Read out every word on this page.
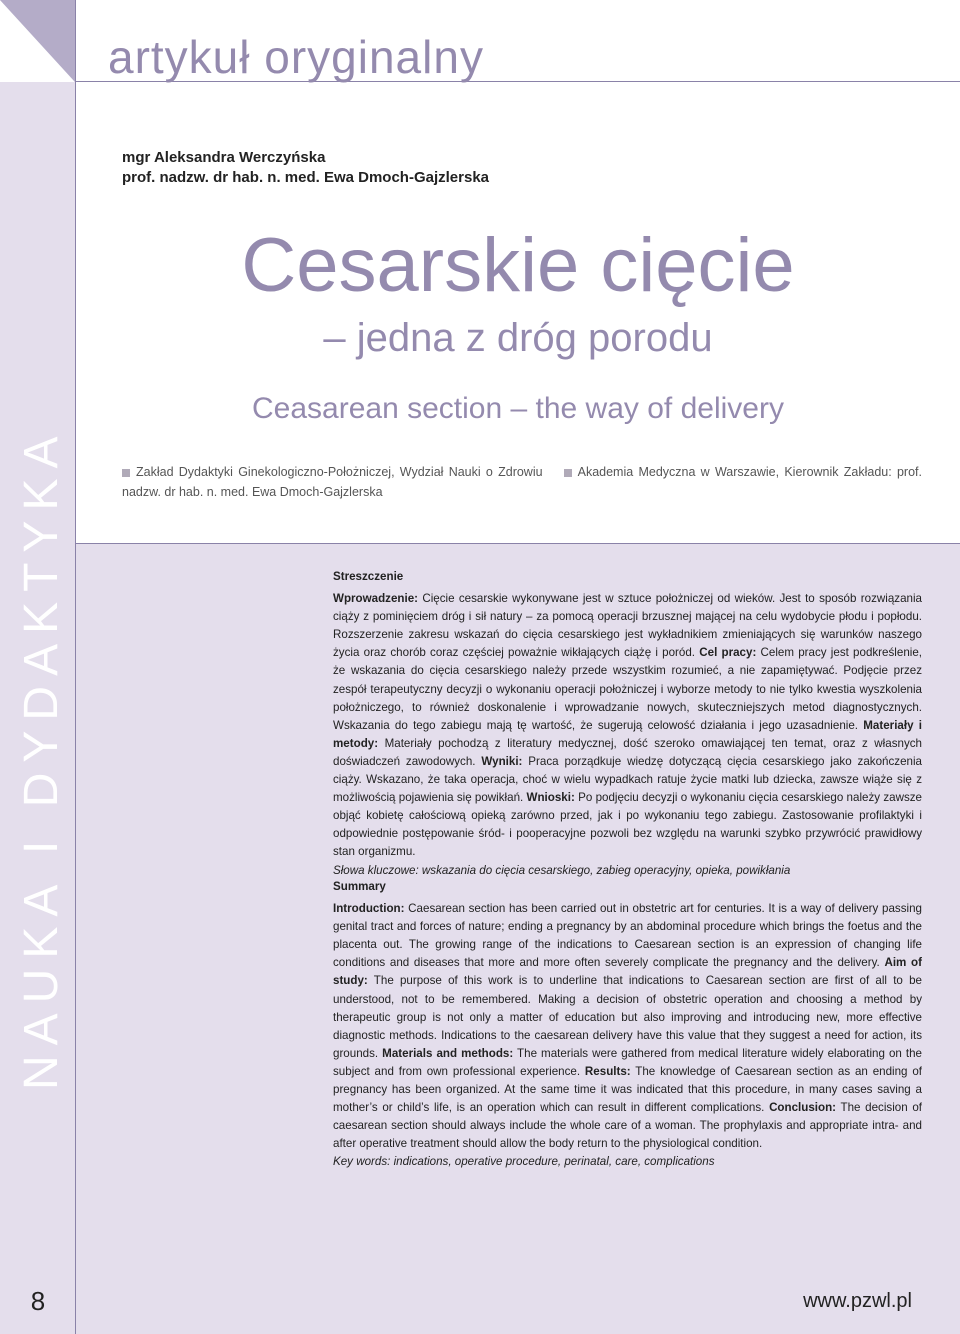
NAUKA I DYDAKTYKA
8
artykuł oryginalny
mgr Aleksandra Werczyńska
prof. nadzw. dr hab. n. med. Ewa Dmoch-Gajzlerska
Cesarskie cięcie
– jedna z dróg porodu
Ceasarean section – the way of delivery
Zakład Dydaktyki Ginekologiczno-Położniczej, Wydział Nauki o Zdrowiu	Akademia Medyczna w Warszawie, Kierownik Zakładu: prof. nadzw. dr hab. n. med. Ewa Dmoch-Gajzlerska
Streszczenie

Wprowadzenie: Cięcie cesarskie wykonywane jest w sztuce położniczej od wieków. Jest to sposób rozwiązania ciąży z pominięciem dróg i sił natury – za pomocą operacji brzusznej mającej na celu wydobycie płodu i popłodu. Rozszerzenie zakresu wskazań do cięcia cesarskiego jest wykładnikiem zmieniających się warunków naszego życia oraz chorób coraz częściej poważnie wikłających ciążę i poród. Cel pracy: Celem pracy jest podkreślenie, że wskazania do cięcia cesarskiego należy przede wszystkim rozumieć, a nie zapamiętywać. Podjęcie przez zespół terapeutyczny decyzji o wykonaniu operacji położniczej i wyborze metody to nie tylko kwestia wyszkolenia położniczego, to również doskonalenie i wprowadzanie nowych, skuteczniejszych metod diagnostycznych. Wskazania do tego zabiegu mają tę wartość, że sugerują celowość działania i jego uzasadnienie. Materiały i metody: Materiały pochodzą z literatury medycznej, dość szeroko omawiającej ten temat, oraz z własnych doświadczeń zawodowych. Wyniki: Praca porządkuje wiedzę dotyczącą cięcia cesarskiego jako zakończenia ciąży. Wskazano, że taka operacja, choć w wielu wypadkach ratuje życie matki lub dziecka, zawsze wiąże się z możliwością pojawienia się powikłań. Wnioski: Po podjęciu decyzji o wykonaniu cięcia cesarskiego należy zawsze objąć kobietę całościową opieką zarówno przed, jak i po wykonaniu tego zabiegu. Zastosowanie profilaktyki i odpowiednie postępowanie śród- i pooperacyjne pozwoli bez względu na warunki szybko przywrócić prawidłowy stan organizmu.

Słowa kluczowe: wskazania do cięcia cesarskiego, zabieg operacyjny, opieka, powikłania

Summary

Introduction: Caesarean section has been carried out in obstetric art for centuries. It is a way of delivery passing genital tract and forces of nature; ending a pregnancy by an abdominal procedure which brings the foetus and the placenta out. The growing range of the indications to Caesarean section is an expression of changing life conditions and diseases that more and more often severely complicate the pregnancy and the delivery. Aim of study: The purpose of this work is to underline that indications to Caesarean section are first of all to be understood, not to be remembered. Making a decision of obstetric operation and choosing a method by therapeutic group is not only a matter of education but also improving and introducing new, more effective diagnostic methods. Indications to the caesarean delivery have this value that they suggest a need for action, its grounds. Materials and methods: The materials were gathered from medical literature widely elaborating on the subject and from own professional experience. Results: The knowledge of Caesarean section as an ending of pregnancy has been organized. At the same time it was indicated that this procedure, in many cases saving a mother’s or child’s life, is an operation which can result in different complications. Conclusion: The decision of caesarean section should always include the whole care of a woman. The prophylaxis and appropriate intra- and after operative treatment should allow the body return to the physiological condition.

Key words: indications, operative procedure, perinatal, care, complications

www.pzwl.pl
